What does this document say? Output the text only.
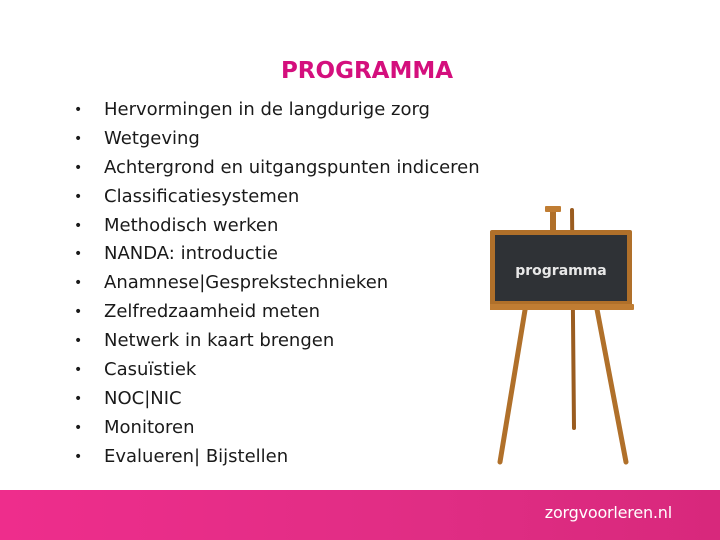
PROGRAMMA
•	Hervormingen in de langdurige zorg
•	Wetgeving
•	Achtergrond en uitgangspunten indiceren
•	Classificatiesystemen
•	Methodisch werken
•	NANDA: introductie
•	Anamnese|Gesprekstechnieken
•	Zelfredzaamheid meten
•	Netwerk in kaart brengen
•	Casuïstiek
•	NOC|NIC
•	Monitoren
•	Evalueren| Bijstellen
programma
zorgvoorleren.nl
